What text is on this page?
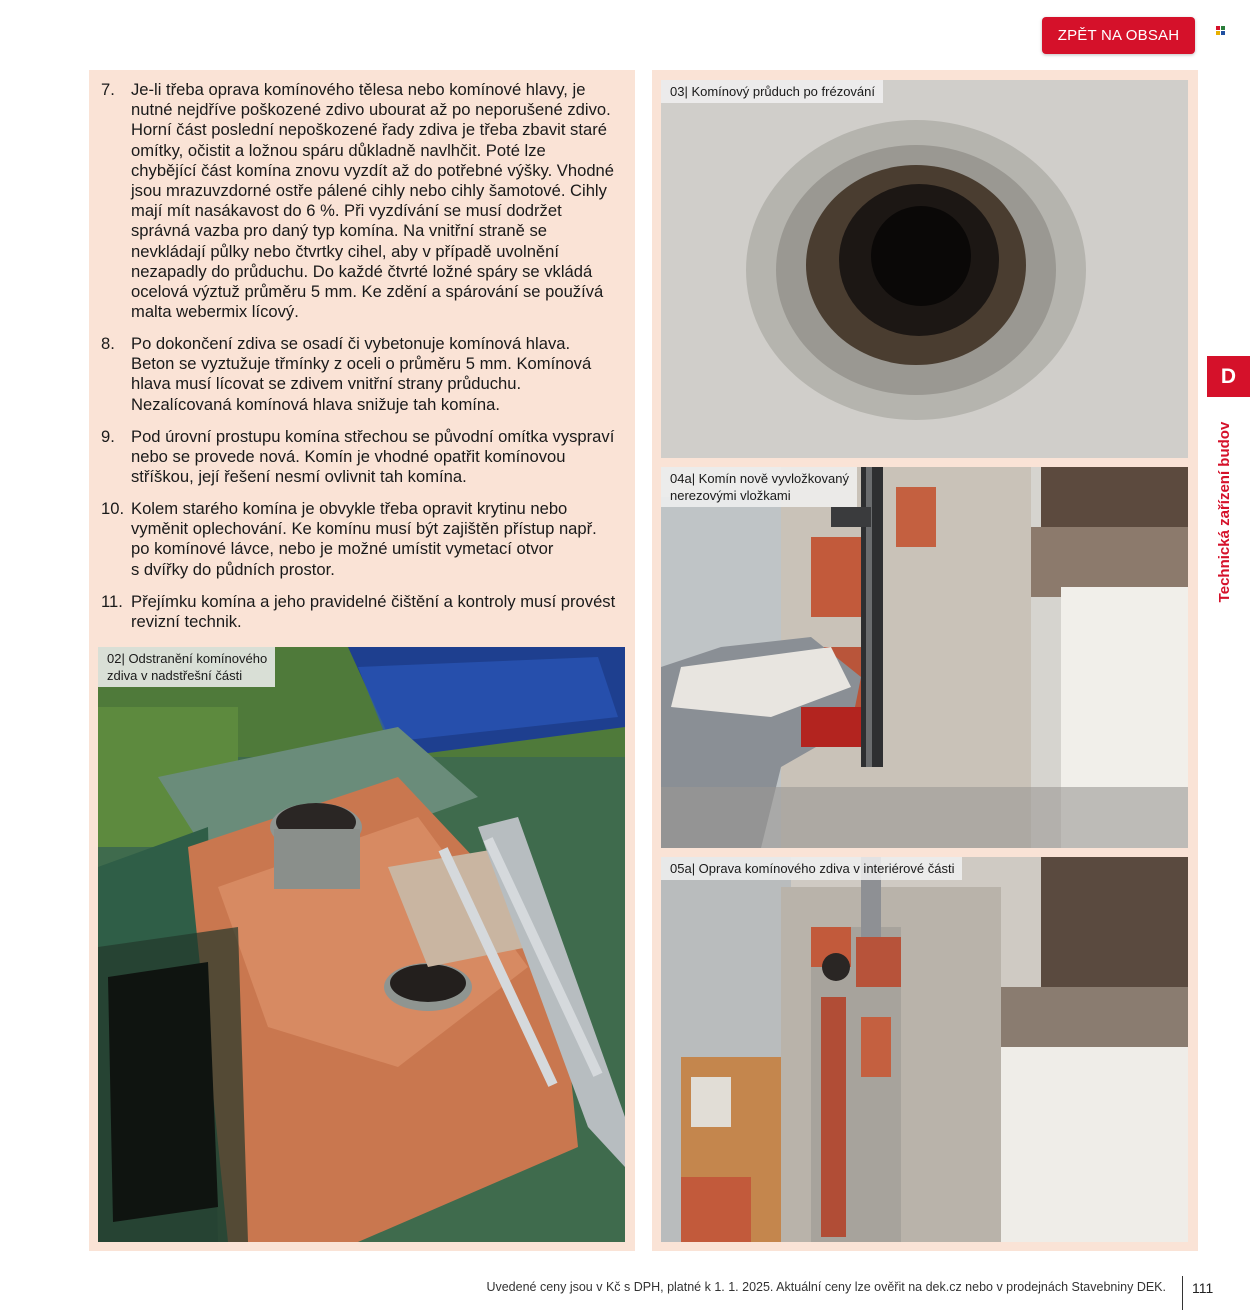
ZPĚT NA OBSAH
7. Je-li třeba oprava komínového tělesa nebo komínové hlavy, je
nutné nejdříve poškozené zdivo ubourat až po neporušené zdivo.
Horní část poslední nepoškozené řady zdiva je třeba zbavit staré
omítky, očistit a ložnou spáru důkladně navlhčit. Poté lze
chybějící část komína znovu vyzdít až do potřebné výšky. Vhodné
jsou mrazuvzdorné ostře pálené cihly nebo cihly šamotové. Cihly
mají mít nasákavost do 6 %. Při vyzdívání se musí dodržet
správná vazba pro daný typ komína. Na vnitřní straně se
nevkládají půlky nebo čtvrtky cihel, aby v případě uvolnění
nezapadly do průduchu. Do každé čtvrté ložné spáry se vkládá
ocelová výztuž průměru 5 mm. Ke zdění a spárování se používá
malta webermix lícový.
8. Po dokončení zdiva se osadí či vybetonuje komínová hlava.
Beton se vyztužuje třmínky z oceli o průměru 5 mm. Komínová
hlava musí lícovat se zdivem vnitřní strany průduchu.
Nezalícovaná komínová hlava snižuje tah komína.
9. Pod úrovní prostupu komína střechou se původní omítka vyspraví
nebo se provede nová. Komín je vhodné opatřit komínovou
stříškou, její řešení nesmí ovlivnit tah komína.
10. Kolem starého komína je obvykle třeba opravit krytinu nebo
vyměnit oplechování. Ke komínu musí být zajištěn přístup např.
po komínové lávce, nebo je možné umístit vymetací otvor
s dvířky do půdních prostor.
11. Přejímku komína a jeho pravidelné čištění a kontroly musí provést
revizní technik.
02| Odstranění komínového
zdiva v nadstřešní části
03| Komínový průduch po frézování
04a| Komín nově vyvložkovaný
nerezovými vložkami
05a| Oprava komínového zdiva v interiérové části
D
Technická zařízení budov
Uvedené ceny jsou v Kč s DPH, platné k 1. 1. 2025. Aktuální ceny lze ověřit na dek.cz nebo v prodejnách Stavebniny DEK. 111
